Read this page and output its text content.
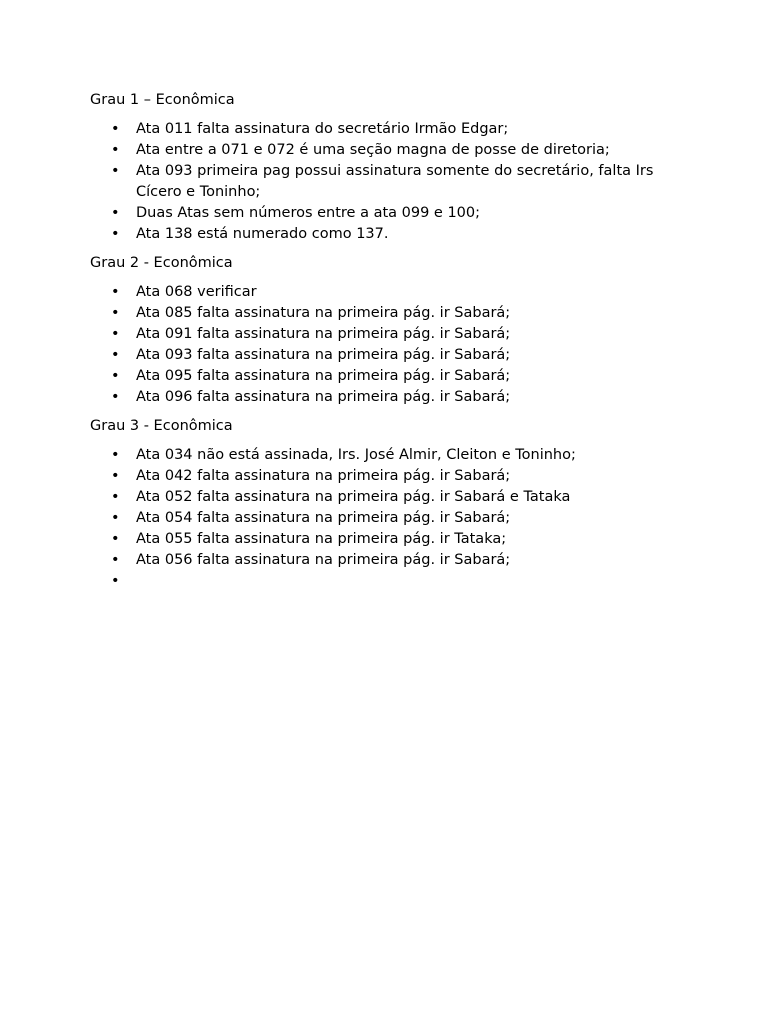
Grau 1 – Econômica
• Ata 011 falta assinatura do secretário Irmão Edgar;
• Ata entre a 071 e 072 é uma seção magna de posse de diretoria;
• Ata 093 primeira pag possui assinatura somente do secretário, falta Irs Cícero e Toninho;
• Duas Atas sem números entre a ata 099 e 100;
• Ata 138 está numerado como 137.
Grau 2 - Econômica
• Ata 068 verificar
• Ata 085 falta assinatura na primeira pág. ir Sabará;
• Ata 091 falta assinatura na primeira pág. ir Sabará;
• Ata 093 falta assinatura na primeira pág. ir Sabará;
• Ata 095 falta assinatura na primeira pág. ir Sabará;
• Ata 096 falta assinatura na primeira pág. ir Sabará;
Grau 3 - Econômica
• Ata 034 não está assinada, Irs. José Almir, Cleiton e Toninho;
• Ata 042 falta assinatura na primeira pág. ir Sabará;
• Ata 052 falta assinatura na primeira pág. ir Sabará e Tataka
• Ata 054 falta assinatura na primeira pág. ir Sabará;
• Ata 055 falta assinatura na primeira pág. ir Tataka;
• Ata 056 falta assinatura na primeira pág. ir Sabará;
•
